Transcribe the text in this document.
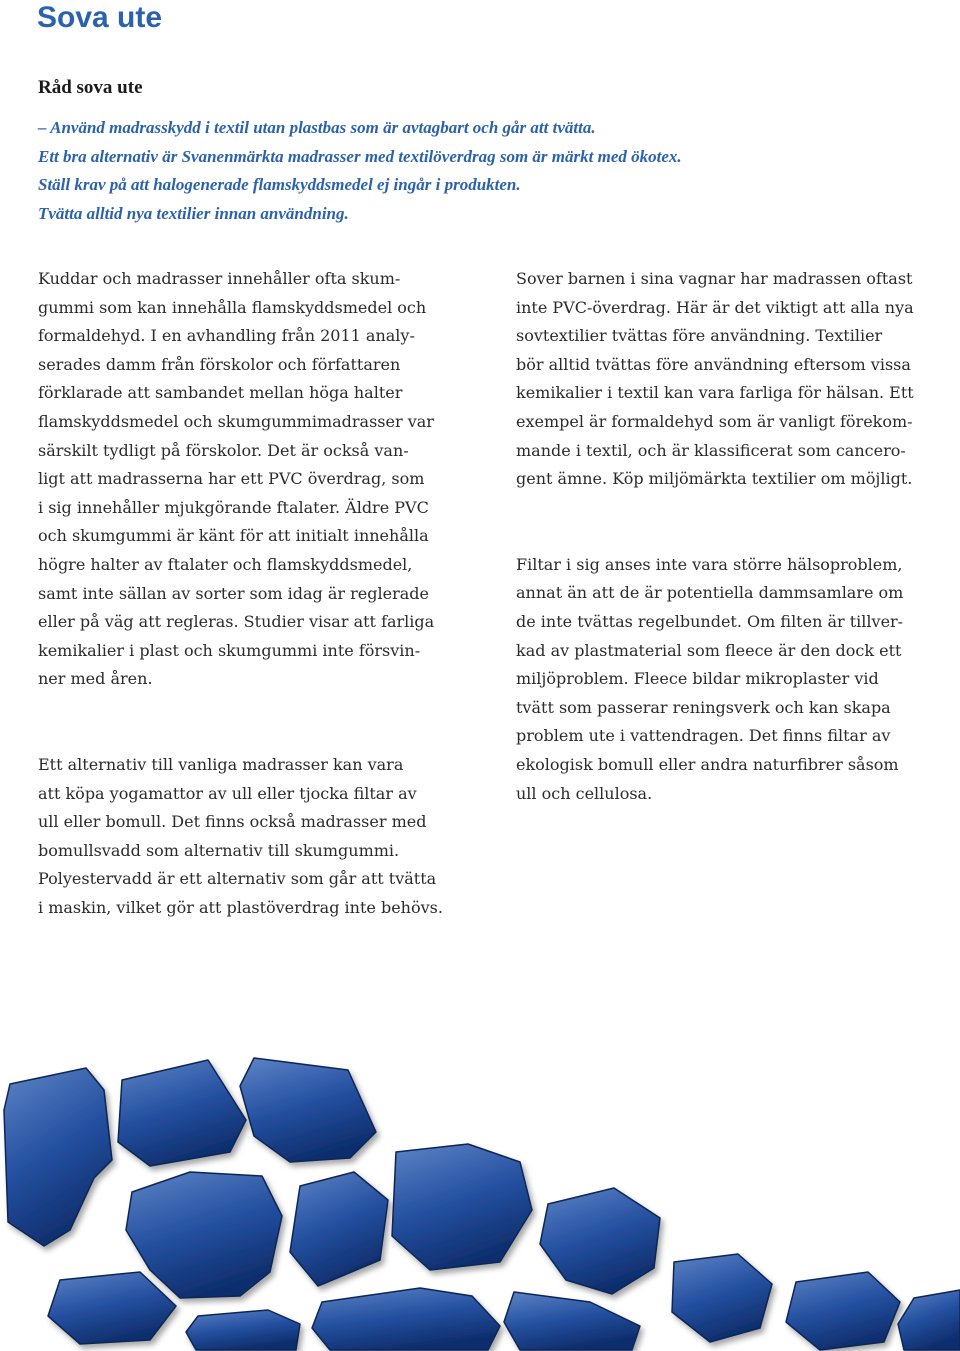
Sova ute
Råd sova ute
– Använd madrasskydd i textil utan plastbas som är avtagbart och går att tvätta.
Ett bra alternativ är Svanenmärkta madrasser med textilöverdrag som är märkt med ökotex.
Ställ krav på att halogenerade flamskyddsmedel ej ingår i produkten.
Tvätta alltid nya textilier innan användning.

Kuddar och madrasser innehåller ofta skum-
gummi som kan innehålla flamskyddsmedel och
formaldehyd. I en avhandling från 2011 analy-
serades damm från förskolor och författaren
förklarade att sambandet mellan höga halter
flamskyddsmedel och skumgummimadrasser var
särskilt tydligt på förskolor. Det är också van-
ligt att madrasserna har ett PVC överdrag, som
i sig innehåller mjukgörande ftalater. Äldre PVC
och skumgummi är känt för att initialt innehålla
högre halter av ftalater och flamskyddsmedel,
samt inte sällan av sorter som idag är reglerade
eller på väg att regleras. Studier visar att farliga
kemikalier i plast och skumgummi inte försvin-
ner med åren.

Ett alternativ till vanliga madrasser kan vara
att köpa yogamattor av ull eller tjocka filtar av
ull eller bomull. Det finns också madrasser med
bomullsvadd som alternativ till skumgummi.
Polyestervadd är ett alternativ som går att tvätta
i maskin, vilket gör att plastöverdrag inte behövs.

Sover barnen i sina vagnar har madrassen oftast
inte PVC-överdrag. Här är det viktigt att alla nya
sovtextilier tvättas före användning. Textilier
bör alltid tvättas före användning eftersom vissa
kemikalier i textil kan vara farliga för hälsan. Ett
exempel är formaldehyd som är vanligt förekom-
mande i textil, och är klassificerat som cancero-
gent ämne. Köp miljömärkta textilier om möjligt.

Filtar i sig anses inte vara större hälsoproblem,
annat än att de är potentiella dammsamlare om
de inte tvättas regelbundet. Om filten är tillver-
kad av plastmaterial som fleece är den dock ett
miljöproblem. Fleece bildar mikroplaster vid
tvätt som passerar reningsverk och kan skapa
problem ute i vattendragen. Det finns filtar av
ekologisk bomull eller andra naturfibrer såsom
ull och cellulosa.
